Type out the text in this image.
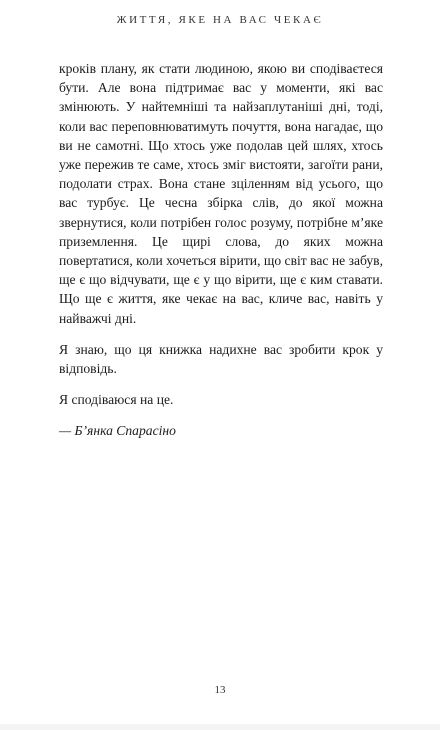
ЖИТТЯ, ЯКЕ НА ВАС ЧЕКАЄ

кроків плану, як стати людиною, якою ви сподіваєтеся бути. Але вона підтримає вас у моменти, які вас змінюють. У найтемніші та найзаплутаніші дні, тоді, коли вас переповнюватимуть почуття, вона нагадає, що ви не самотні. Що хтось уже подолав цей шлях, хтось уже пережив те саме, хтось зміг вистояти, загоїти рани, подолати страх. Вона стане зціленням від усього, що вас турбує. Це чесна збірка слів, до якої можна звернутися, коли потрібен голос розуму, потрібне м’яке приземлення. Це щирі слова, до яких можна повертатися, коли хочеться вірити, що світ вас не забув, ще є що відчувати, ще є у що вірити, ще є ким ставати. Що ще є життя, яке чекає на вас, кличе вас, навіть у найважчі дні.

Я знаю, що ця книжка надихне вас зробити крок у відповідь.

Я сподіваюся на це.

— Б’янка Спарасіно

13
